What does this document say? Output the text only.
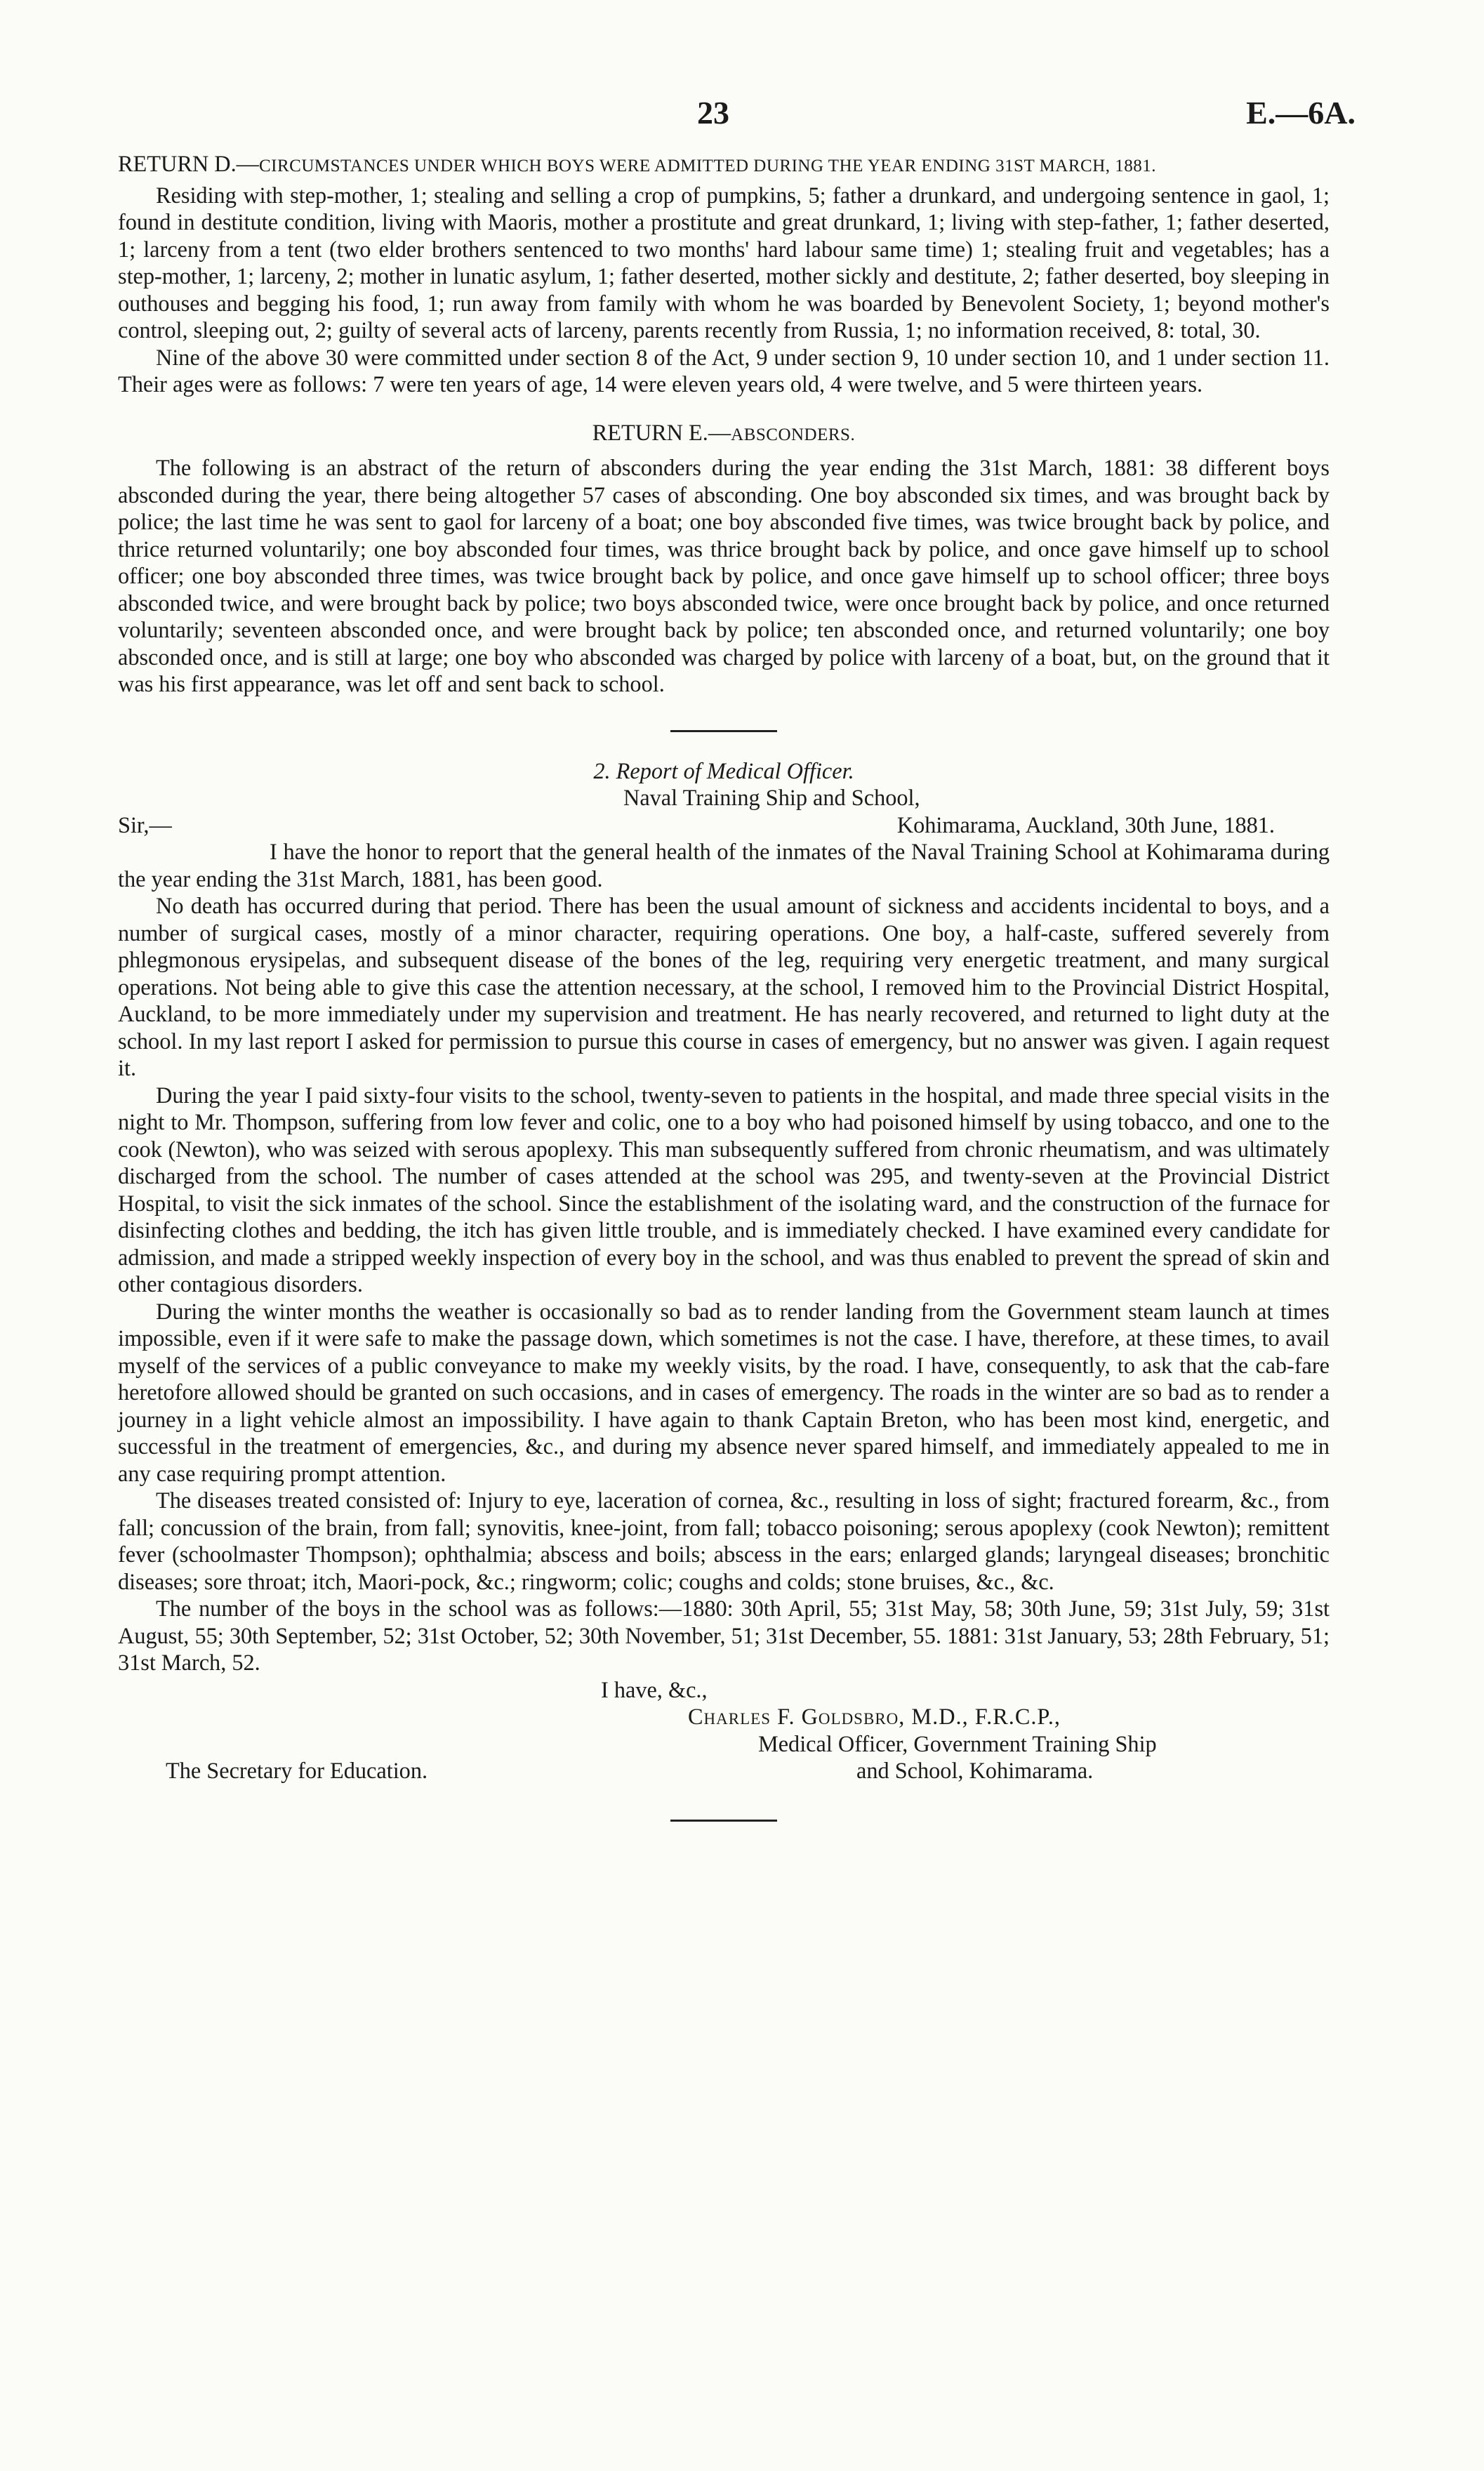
23	E.—6A.

RETURN D.—CIRCUMSTANCES UNDER WHICH BOYS WERE ADMITTED DURING THE YEAR ENDING 31ST MARCH, 1881.

Residing with step-mother, 1; stealing and selling a crop of pumpkins, 5; father a drunkard, and undergoing sentence in gaol, 1; found in destitute condition, living with Maoris, mother a prostitute and great drunkard, 1; living with step-father, 1; father deserted, 1; larceny from a tent (two elder brothers sentenced to two months' hard labour same time) 1; stealing fruit and vegetables; has a step-mother, 1; larceny, 2; mother in lunatic asylum, 1; father deserted, mother sickly and destitute, 2; father deserted, boy sleeping in outhouses and begging his food, 1; run away from family with whom he was boarded by Benevolent Society, 1; beyond mother's control, sleeping out, 2; guilty of several acts of larceny, parents recently from Russia, 1; no information received, 8: total, 30.

Nine of the above 30 were committed under section 8 of the Act, 9 under section 9, 10 under section 10, and 1 under section 11. Their ages were as follows: 7 were ten years of age, 14 were eleven years old, 4 were twelve, and 5 were thirteen years.

RETURN E.—ABSCONDERS.

The following is an abstract of the return of absconders during the year ending the 31st March, 1881: 38 different boys absconded during the year, there being altogether 57 cases of absconding. One boy absconded six times, and was brought back by police; the last time he was sent to gaol for larceny of a boat; one boy absconded five times, was twice brought back by police, and thrice returned voluntarily; one boy absconded four times, was thrice brought back by police, and once gave himself up to school officer; one boy absconded three times, was twice brought back by police, and once gave himself up to school officer; three boys absconded twice, and were brought back by police; two boys absconded twice, were once brought back by police, and once returned voluntarily; seventeen absconded once, and were brought back by police; ten absconded once, and returned voluntarily; one boy absconded once, and is still at large; one boy who absconded was charged by police with larceny of a boat, but, on the ground that it was his first appearance, was let off and sent back to school.

2. Report of Medical Officer.

Naval Training Ship and School,

Sir,—	Kohimarama, Auckland, 30th June, 1881.

I have the honor to report that the general health of the inmates of the Naval Training School at Kohimarama during the year ending the 31st March, 1881, has been good.

No death has occurred during that period. There has been the usual amount of sickness and accidents incidental to boys, and a number of surgical cases, mostly of a minor character, requiring operations. One boy, a half-caste, suffered severely from phlegmonous erysipelas, and subsequent disease of the bones of the leg, requiring very energetic treatment, and many surgical operations. Not being able to give this case the attention necessary, at the school, I removed him to the Provincial District Hospital, Auckland, to be more immediately under my supervision and treatment. He has nearly recovered, and returned to light duty at the school. In my last report I asked for permission to pursue this course in cases of emergency, but no answer was given. I again request it.

During the year I paid sixty-four visits to the school, twenty-seven to patients in the hospital, and made three special visits in the night to Mr. Thompson, suffering from low fever and colic, one to a boy who had poisoned himself by using tobacco, and one to the cook (Newton), who was seized with serous apoplexy. This man subsequently suffered from chronic rheumatism, and was ultimately discharged from the school. The number of cases attended at the school was 295, and twenty-seven at the Provincial District Hospital, to visit the sick inmates of the school. Since the establishment of the isolating ward, and the construction of the furnace for disinfecting clothes and bedding, the itch has given little trouble, and is immediately checked. I have examined every candidate for admission, and made a stripped weekly inspection of every boy in the school, and was thus enabled to prevent the spread of skin and other contagious disorders.

During the winter months the weather is occasionally so bad as to render landing from the Government steam launch at times impossible, even if it were safe to make the passage down, which sometimes is not the case. I have, therefore, at these times, to avail myself of the services of a public conveyance to make my weekly visits, by the road. I have, consequently, to ask that the cab-fare heretofore allowed should be granted on such occasions, and in cases of emergency. The roads in the winter are so bad as to render a journey in a light vehicle almost an impossibility. I have again to thank Captain Breton, who has been most kind, energetic, and successful in the treatment of emergencies, &c., and during my absence never spared himself, and immediately appealed to me in any case requiring prompt attention.

The diseases treated consisted of: Injury to eye, laceration of cornea, &c., resulting in loss of sight; fractured forearm, &c., from fall; concussion of the brain, from fall; synovitis, knee-joint, from fall; tobacco poisoning; serous apoplexy (cook Newton); remittent fever (schoolmaster Thompson); ophthalmia; abscess and boils; abscess in the ears; enlarged glands; laryngeal diseases; bronchitic diseases; sore throat; itch, Maori-pock, &c.; ringworm; colic; coughs and colds; stone bruises, &c., &c.

The number of the boys in the school was as follows:—1880: 30th April, 55; 31st May, 58; 30th June, 59; 31st July, 59; 31st August, 55; 30th September, 52; 31st October, 52; 30th November, 51; 31st December, 55. 1881: 31st January, 53; 28th February, 51; 31st March, 52.

I have, &c.,

Charles F. Goldsbro, M.D., F.R.C.P.,

Medical Officer, Government Training Ship

The Secretary for Education.	and School, Kohimarama.
